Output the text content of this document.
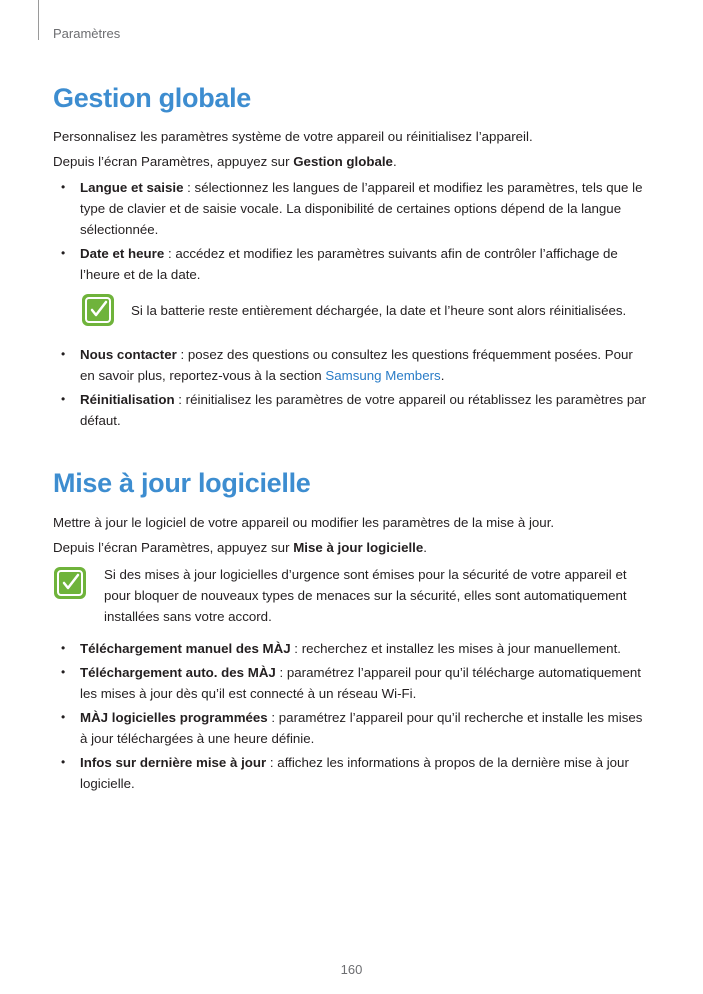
Paramètres
Gestion globale

Personnalisez les paramètres système de votre appareil ou réinitialisez l’appareil.

Depuis l’écran Paramètres, appuyez sur Gestion globale.

• Langue et saisie : sélectionnez les langues de l’appareil et modifiez les paramètres, tels que le type de clavier et de saisie vocale. La disponibilité de certaines options dépend de la langue sélectionnée.
• Date et heure : accédez et modifiez les paramètres suivants afin de contrôler l’affichage de l’heure et de la date.
Si la batterie reste entièrement déchargée, la date et l’heure sont alors réinitialisées.
• Nous contacter : posez des questions ou consultez les questions fréquemment posées. Pour en savoir plus, reportez-vous à la section Samsung Members.
• Réinitialisation : réinitialisez les paramètres de votre appareil ou rétablissez les paramètres par défaut.
Mise à jour logicielle

Mettre à jour le logiciel de votre appareil ou modifier les paramètres de la mise à jour.

Depuis l’écran Paramètres, appuyez sur Mise à jour logicielle.

Si des mises à jour logicielles d’urgence sont émises pour la sécurité de votre appareil et pour bloquer de nouveaux types de menaces sur la sécurité, elles sont automatiquement installées sans votre accord.
• Téléchargement manuel des MÀJ : recherchez et installez les mises à jour manuellement.
• Téléchargement auto. des MÀJ : paramétrez l’appareil pour qu’il télécharge automatiquement les mises à jour dès qu’il est connecté à un réseau Wi-Fi.
• MÀJ logicielles programmées : paramétrez l’appareil pour qu’il recherche et installe les mises à jour téléchargées à une heure définie.
• Infos sur dernière mise à jour : affichez les informations à propos de la dernière mise à jour logicielle.
160
